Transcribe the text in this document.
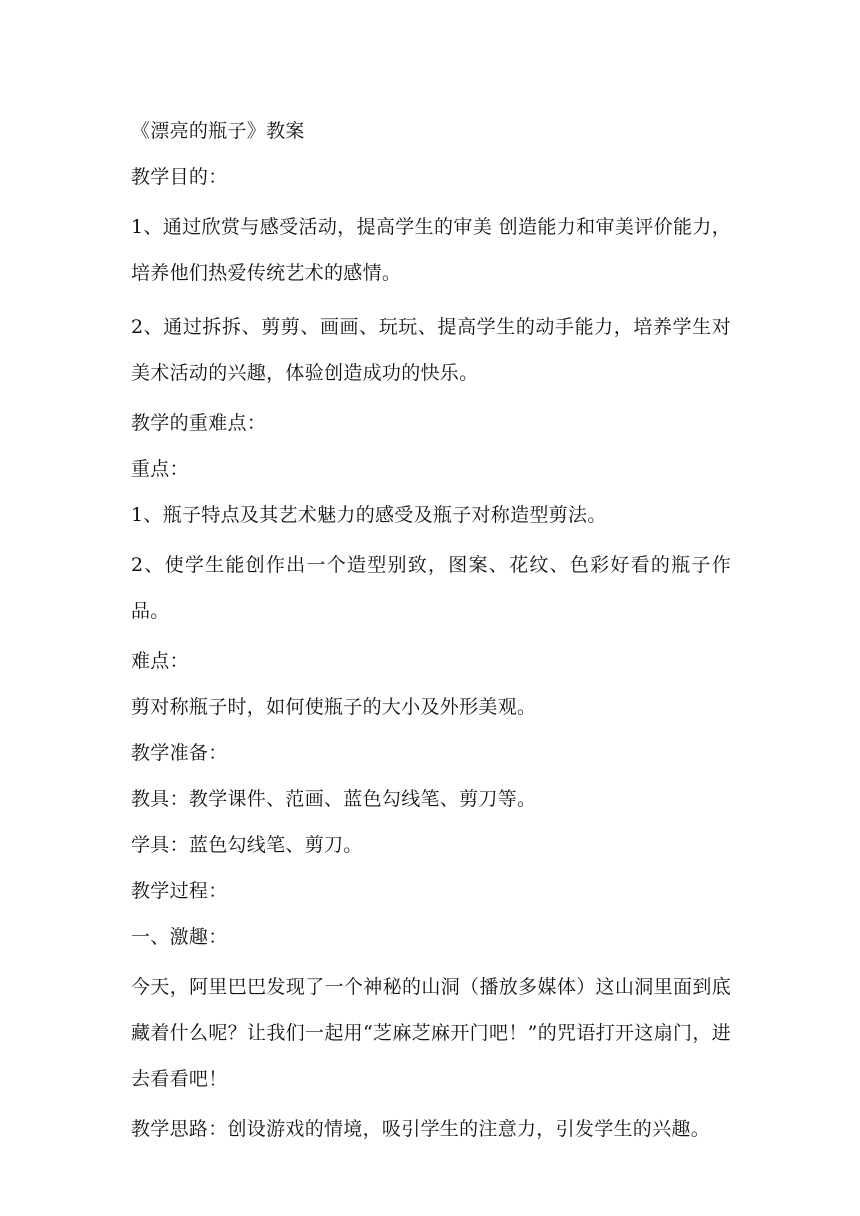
《漂亮的瓶子》教案

教学目的：

1、通过欣赏与感受活动，提高学生的审美 创造能力和审美评价能力，培养他们热爱传统艺术的感情。

2、通过拆拆、剪剪、画画、玩玩、提高学生的动手能力，培养学生对美术活动的兴趣，体验创造成功的快乐。

教学的重难点：

重点：

1、瓶子特点及其艺术魅力的感受及瓶子对称造型剪法。

2、使学生能创作出一个造型别致，图案、花纹、色彩好看的瓶子作品。

难点：

剪对称瓶子时，如何使瓶子的大小及外形美观。

教学准备：

教具：教学课件、范画、蓝色勾线笔、剪刀等。

学具：蓝色勾线笔、剪刀。

教学过程：

一、激趣：

今天，阿里巴巴发现了一个神秘的山洞（播放多媒体）这山洞里面到底藏着什么呢？让我们一起用“芝麻芝麻开门吧！”的咒语打开这扇门，进去看看吧！

教学思路：创设游戏的情境，吸引学生的注意力，引发学生的兴趣。
